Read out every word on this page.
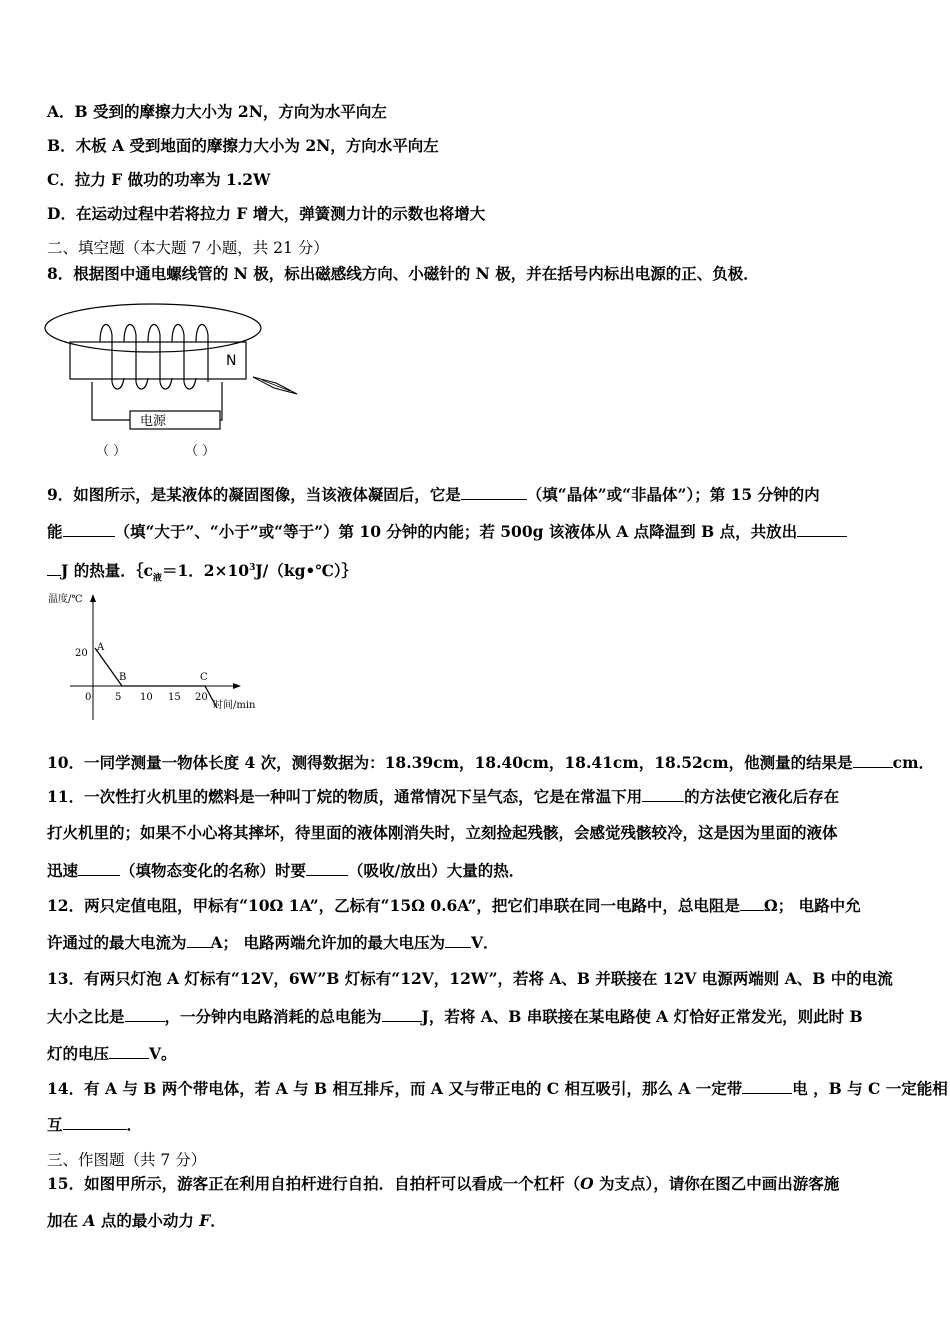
A．B 受到的摩擦力大小为 2N，方向为水平向左
B．木板 A 受到地面的摩擦力大小为 2N，方向水平向左
C．拉力 F 做功的功率为 1.2W
D．在运动过程中若将拉力 F 增大，弹簧测力计的示数也将增大
二、填空题（本大题 7 小题，共 21 分）
8．根据图中通电螺线管的 N 极，标出磁感线方向、小磁针的 N 极，并在括号内标出电源的正、负极．
N
电源
（ ）	（ ）
9．如图所示，是某液体的凝固图像，当该液体凝固后，它是	（填“晶体”或“非晶体”）；第 15 分钟的内
能	（填“大于”、“小于”或“等于”）第 10 分钟的内能；若 500g 该液体从 A 点降温到 B 点，共放出
J 的热量．$\{c_液=1$．$2\times 10^3J/(kg•℃)\}$
温度/℃
20
0 5 10 15 20
时间/min
A
B	C
10．一同学测量一物体长度 4 次，测得数据为：18.39cm，18.40cm，18.41cm，18.52cm，他测量的结果是	cm．
11．一次性打火机里的燃料是一种叫丁烷的物质，通常情况下呈气态，它是在常温下用	的方法使它液化后存在
打火机里的；如果不小心将其摔坏，待里面的液体刚消失时，立刻捡起残骸，会感觉残骸较冷，这是因为里面的液体
迅速	（填物态变化的名称）时要	（吸收/放出）大量的热．
12．两只定值电阻，甲标有“10Ω 1A”，乙标有“15Ω 0.6A”，把它们串联在同一电路中，总电阻是 Ω； 电路中允
许通过的最大电流为 A； 电路两端允许加的最大电压为 V．
13．有两只灯泡 A 灯标有“12V，6W”B 灯标有“12V，12W”，若将 A、B 并联接在 12V 电源两端则 A、B 中的电流
大小之比是	，一分钟内电路消耗的总电能为	J，若将 A、B 串联接在某电路使 A 灯恰好正常发光，则此时 B
灯的电压	V。
14．有 A 与 B 两个带电体，若 A 与 B 相互排斥，而 A 又与带正电的 C 相互吸引，那么 A 一定带	电 ，B 与 C 一定能相
互	．
三、作图题（共 7 分）
15．如图甲所示，游客正在利用自拍杆进行自拍．自拍杆可以看成一个杠杆（O 为支点），请你在图乙中画出游客施
加在 A 点的最小动力 F．
